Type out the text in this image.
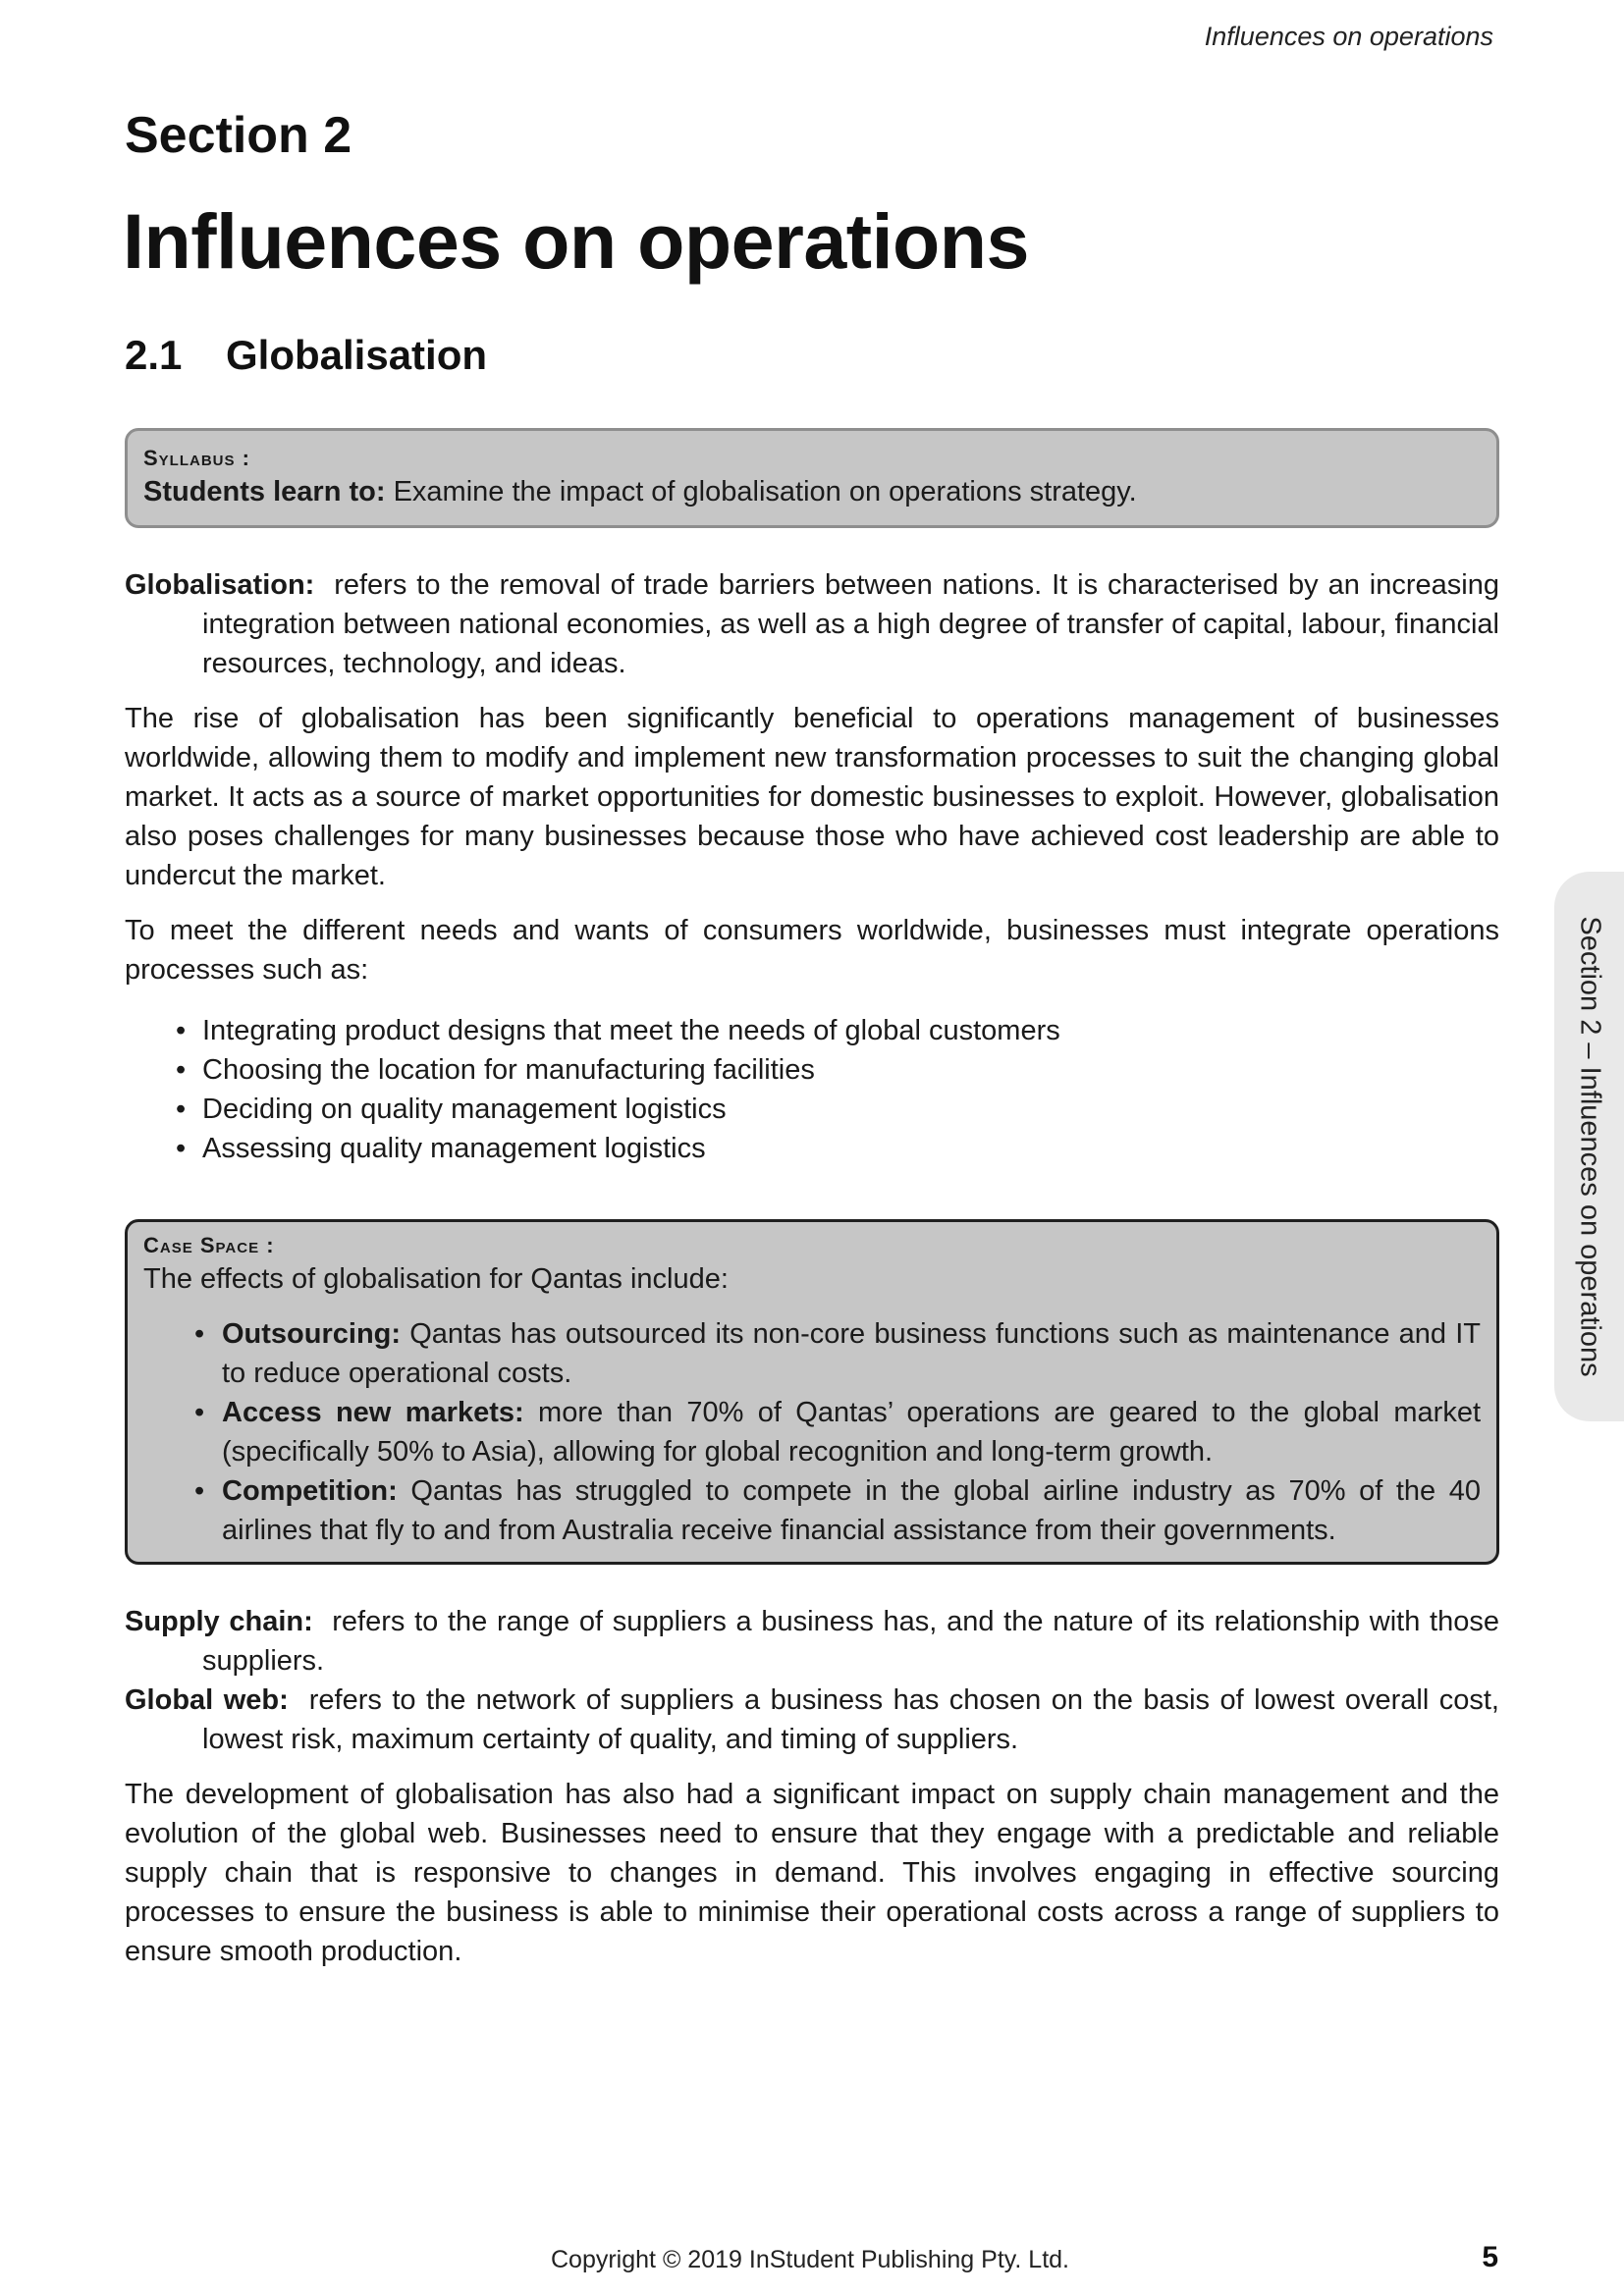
Influences on operations
Section 2
Influences on operations
2.1 Globalisation
Syllabus :
Students learn to: Examine the impact of globalisation on operations strategy.

Globalisation: refers to the removal of trade barriers between nations. It is characterised by an increasing integration between national economies, as well as a high degree of transfer of capital, labour, financial resources, technology, and ideas.

The rise of globalisation has been significantly beneficial to operations management of businesses worldwide, allowing them to modify and implement new transformation processes to suit the changing global market. It acts as a source of market opportunities for domestic businesses to exploit. However, globalisation also poses challenges for many businesses because those who have achieved cost leadership are able to undercut the market.

To meet the different needs and wants of consumers worldwide, businesses must integrate operations processes such as:

• Integrating product designs that meet the needs of global customers
• Choosing the location for manufacturing facilities
• Deciding on quality management logistics
• Assessing quality management logistics
Case Space :
The effects of globalisation for Qantas include:
• Outsourcing: Qantas has outsourced its non-core business functions such as maintenance and IT to reduce operational costs.
• Access new markets: more than 70% of Qantas’ operations are geared to the global market (specifically 50% to Asia), allowing for global recognition and long-term growth.
• Competition: Qantas has struggled to compete in the global airline industry as 70% of the 40 airlines that fly to and from Australia receive financial assistance from their governments.

Supply chain: refers to the range of suppliers a business has, and the nature of its relationship with those suppliers.

Global web: refers to the network of suppliers a business has chosen on the basis of lowest overall cost, lowest risk, maximum certainty of quality, and timing of suppliers.

The development of globalisation has also had a significant impact on supply chain management and the evolution of the global web. Businesses need to ensure that they engage with a predictable and reliable supply chain that is responsive to changes in demand. This involves engaging in effective sourcing processes to ensure the business is able to minimise their operational costs across a range of suppliers to ensure smooth production.

Section 2 – Influences on operations
Copyright © 2019 InStudent Publishing Pty. Ltd.	5
